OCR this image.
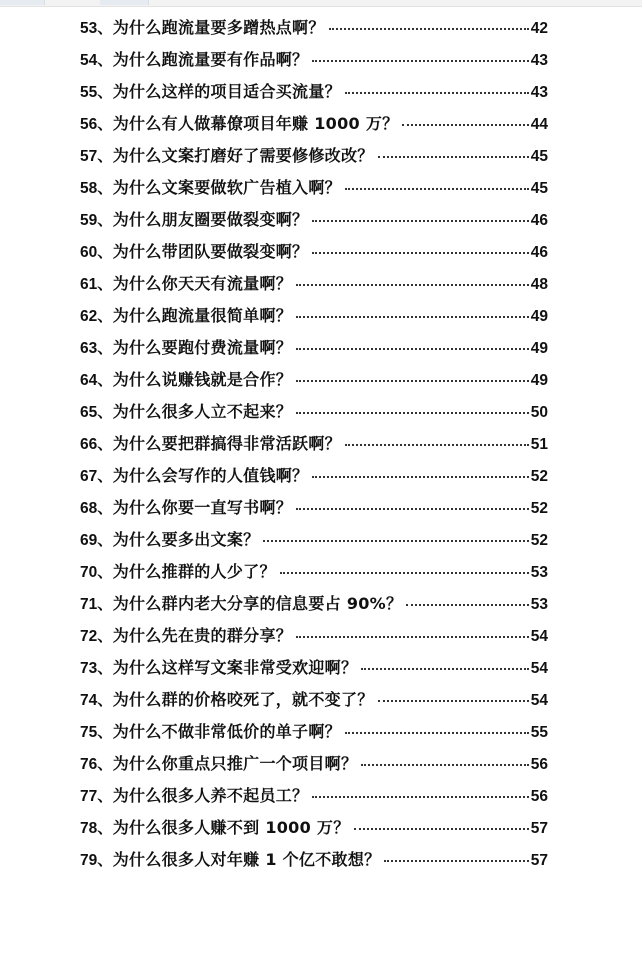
53、 为什么跑流量要多蹭热点啊？	42
54、 为什么跑流量要有作品啊？	43
55、 为什么这样的项目适合买流量？	43
56、 为什么有人做幕僚项目年赚 1000 万？	44
57、 为什么文案打磨好了需要修修改改？	45
58、 为什么文案要做软广告植入啊？	45
59、 为什么朋友圈要做裂变啊？	46
60、 为什么带团队要做裂变啊？	46
61、 为什么你天天有流量啊？	48
62、 为什么跑流量很简单啊？	49
63、 为什么要跑付费流量啊？	49
64、 为什么说赚钱就是合作？	49
65、 为什么很多人立不起来？	50
66、 为什么要把群搞得非常活跃啊？	51
67、 为什么会写作的人值钱啊？	52
68、 为什么你要一直写书啊？	52
69、 为什么要多出文案？	52
70、 为什么推群的人少了？	53
71、 为什么群内老大分享的信息要占 90%？	53
72、 为什么先在贵的群分享？	54
73、 为什么这样写文案非常受欢迎啊？	54
74、 为什么群的价格咬死了，就不变了？	54
75、 为什么不做非常低价的单子啊？	55
76、 为什么你重点只推广一个项目啊？	56
77、 为什么很多人养不起员工？	56
78、 为什么很多人赚不到 1000 万？	57
79、 为什么很多人对年赚 1 个亿不敢想？	57
